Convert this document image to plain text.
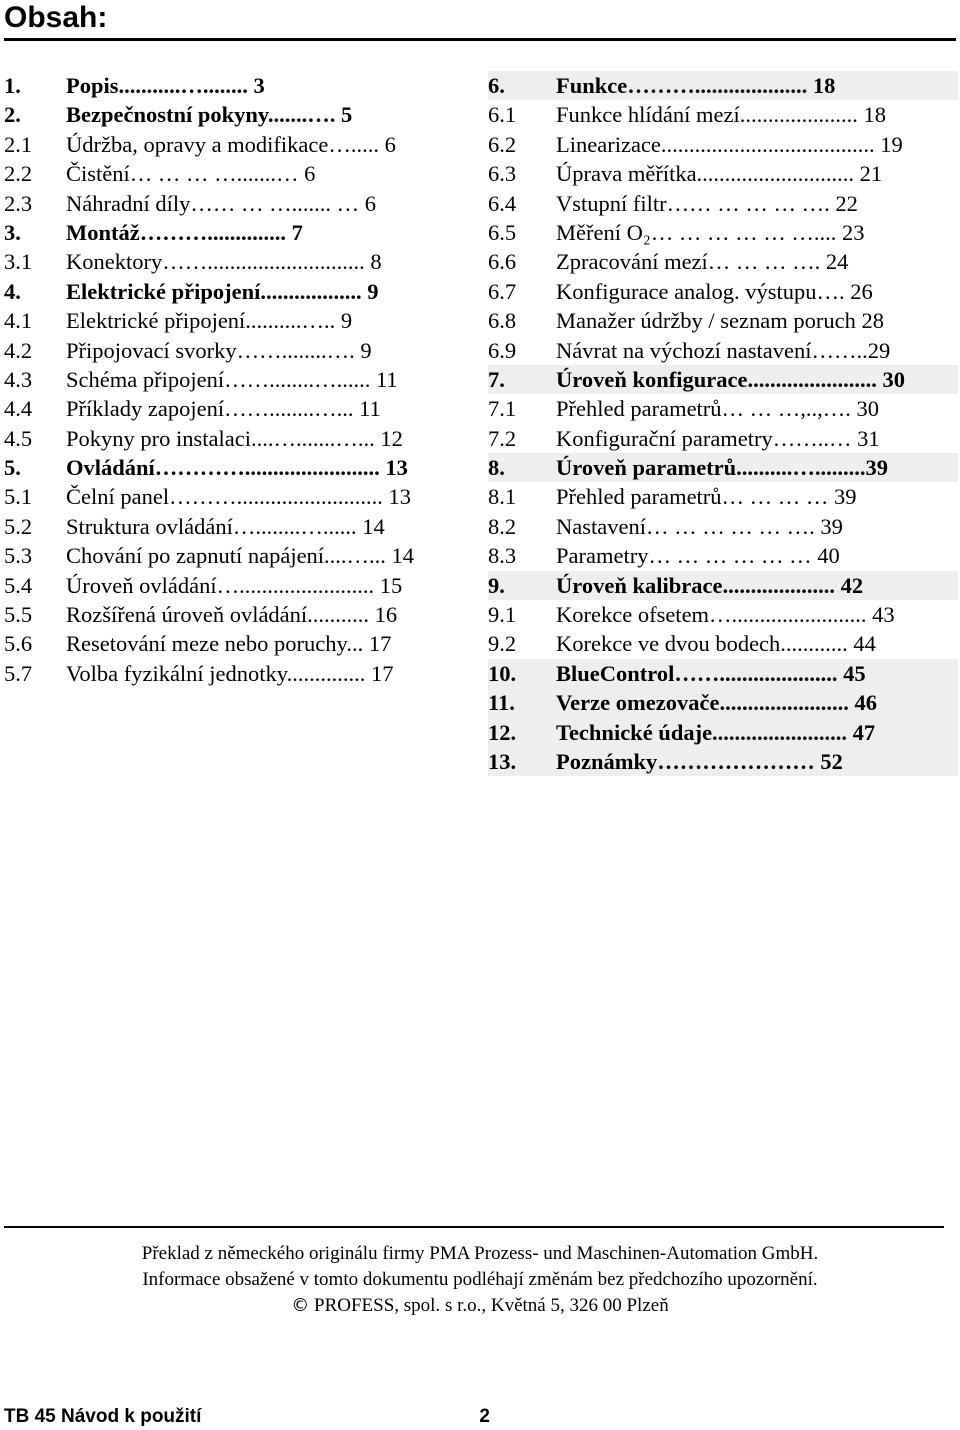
Obsah:
1.	Popis...........…........ 3
2.	Bezpečnostní pokyny.......…. 5
2.1	Údržba, opravy a modifikace…..... 6
2.2	Čistění… … … ….......… 6
2.3	Náhradní díly…… … …....... … 6
3.	Montáž……….............. 7
3.1	Konektory……............................ 8
4.	Elektrické připojení.................. 9
4.1	Elektrické připojení..........….. 9
4.2	Připojovací svorky……........…. 9
4.3	Schéma připojení……........…...... 11
4.4	Příklady zapojení……........…... 11
4.5	Pokyny pro instalaci....….......…... 12
5.	Ovládání…………........................ 13
5.1	Čelní panel……….......................... 13
5.2	Struktura ovládání…........…...... 14
5.3	Chování po zapnutí napájení....…... 14
5.4	Úroveň ovládání…........................ 15
5.5	Rozšířená úroveň ovládání........... 16
5.6	Resetování meze nebo poruchy... 17
5.7	Volba fyzikální jednotky.............. 17
6.	Funkce……….................... 18
6.1	Funkce hlídání mezí..................... 18
6.2	Linearizace...................................... 19
6.3	Úprava měřítka............................ 21
6.4	Vstupní filtr…… … … … …. 22
6.5	Měření O₂… … … … … ….... 23
6.6	Zpracování mezí… … … …. 24
6.7	Konfigurace analog. výstupu…. 26
6.8	Manažer údržby / seznam poruch 28
6.9	Návrat na výchozí nastavení……..29
7.	Úroveň konfigurace....................... 30
7.1	Přehled parametrů… … …,..,…. 30
7.2	Konfigurační parametry……..… 31
8.	Úroveň parametrů..........….........39
8.1	Přehled parametrů… … … … 39
8.2	Nastavení… … … … … …. 39
8.3	Parametry… … … … … … 40
9.	Úroveň kalibrace.................... 42
9.1	Korekce ofsetem…........................ 43
9.2	Korekce ve dvou bodech............ 44
10.	BlueControl……..................... 45
11.	Verze omezovače....................... 46
12.	Technické údaje........................ 47
13.	Poznámky………………… 52
Překlad z německého originálu firmy PMA Prozess- und Maschinen-Automation GmbH.
Informace obsažené v tomto dokumentu podléhají změnám bez předchozího upozornění.
© PROFESS, spol. s r.o., Květná 5, 326 00 Plzeň
TB 45 Návod k použití	2
